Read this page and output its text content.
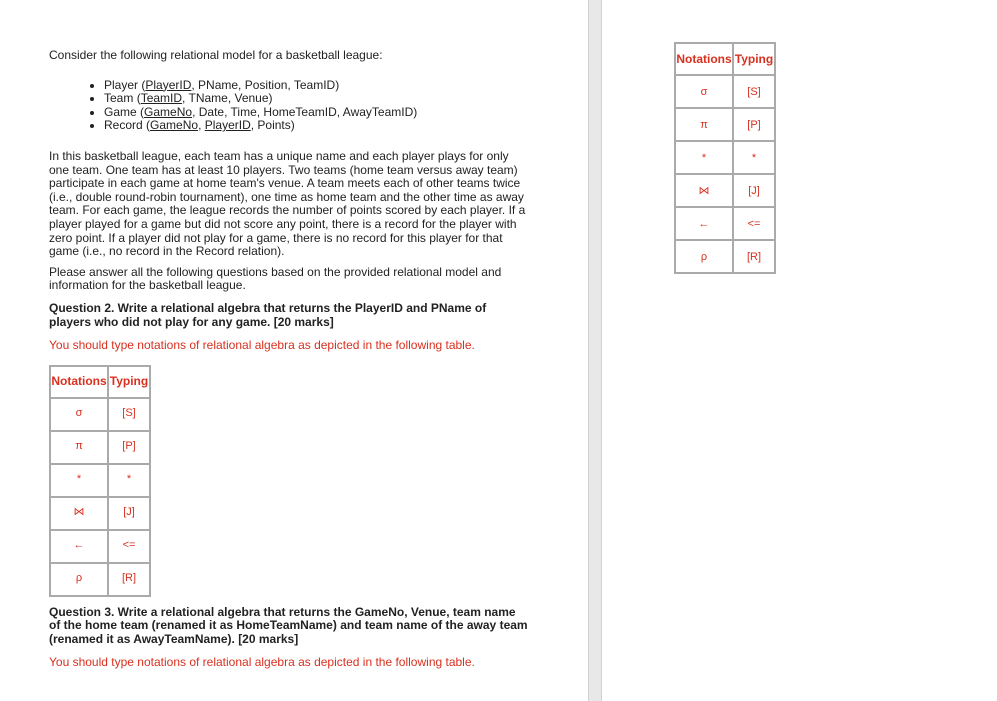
Consider the following relational model for a basketball league:

• Player (PlayerID, PName, Position, TeamID)
• Team (TeamID, TName, Venue)
• Game (GameNo, Date, Time, HomeTeamID, AwayTeamID)
• Record (GameNo, PlayerID, Points)

In this basketball league, each team has a unique name and each player plays for only one team. One team has at least 10 players. Two teams (home team versus away team) participate in each game at home team's venue. A team meets each of other teams twice (i.e., double round-robin tournament), one time as home team and the other time as away team. For each game, the league records the number of points scored by each player. If a player played for a game but did not score any point, there is a record for the player with zero point. If a player did not play for a game, there is no record for this player for that game (i.e., no record in the Record relation).

Please answer all the following questions based on the provided relational model and information for the basketball league.

Question 2. Write a relational algebra that returns the PlayerID and PName of players who did not play for any game. [20 marks]

You should type notations of relational algebra as depicted in the following table.

Notations	Typing
σ	[S]
π	[P]
*	*
⋈	[J]
←	<=
ρ	[R]

Question 3. Write a relational algebra that returns the GameNo, Venue, team name of the home team (renamed it as HomeTeamName) and team name of the away team (renamed it as AwayTeamName). [20 marks]

You should type notations of relational algebra as depicted in the following table.

Notations	Typing
σ	[S]
π	[P]
*	*
⋈	[J]
←	<=
ρ	[R]
